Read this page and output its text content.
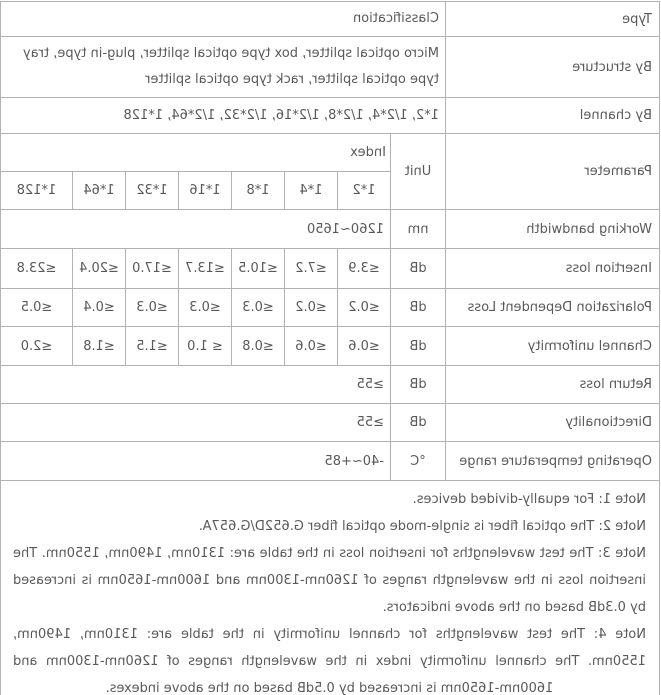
Type	Classification							
By structure	Micro optical splitter, box type optical splitter, plug-in type, tray type optical splitter, rack type optical splitter							
By channel	1*2, 1/2*4, 1/2*8, 1/2*16, 1/2*32, 1/2*64, 1*128							
Parameter	Unit	Index						
		1*2	1*4	1*8	1*16	1*32	1*64	1*128
Working bandwidth	nm	1260~1650						
Insertion loss	dB	≤3.9	≤7.2	≤10.5	≤13.7	≤17.0	≤20.4	≤23.8
Polarization Dependent Loss	dB	≤0.2	≤0.2	≤0.3	≤0.3	≤0.3	≤0.4	≤0.5
Channel uniformity	dB	≤0.6	≤0.6	≤0.8	≤ 1.0	≤1.5	≤1.8	≤2.0
Return loss	dB	≥55						
Directionality	dB	≥55						
Operating temperature range	°C	-40~+85						

Note 1: For equally-divided devices.

Note 2: The optical fiber is single-mode optical fiber G.652D/G.657A.

Note 3: The test wavelengths for insertion loss in the table are: 1310nm, 1490nm, 1550nm. The insertion loss in the wavelength ranges of 1260nm-1300nm and 1600nm-1650nm is increased by 0.3dB based on the above indicators.

Note 4: The test wavelengths for channel uniformity in the table are: 1310nm, 1490nm, 1550nm. The channel uniformity index in the wavelength ranges of 1260nm-1300nm and 1600nm-1650nm is increased by 0.5dB based on the above indexes.								
